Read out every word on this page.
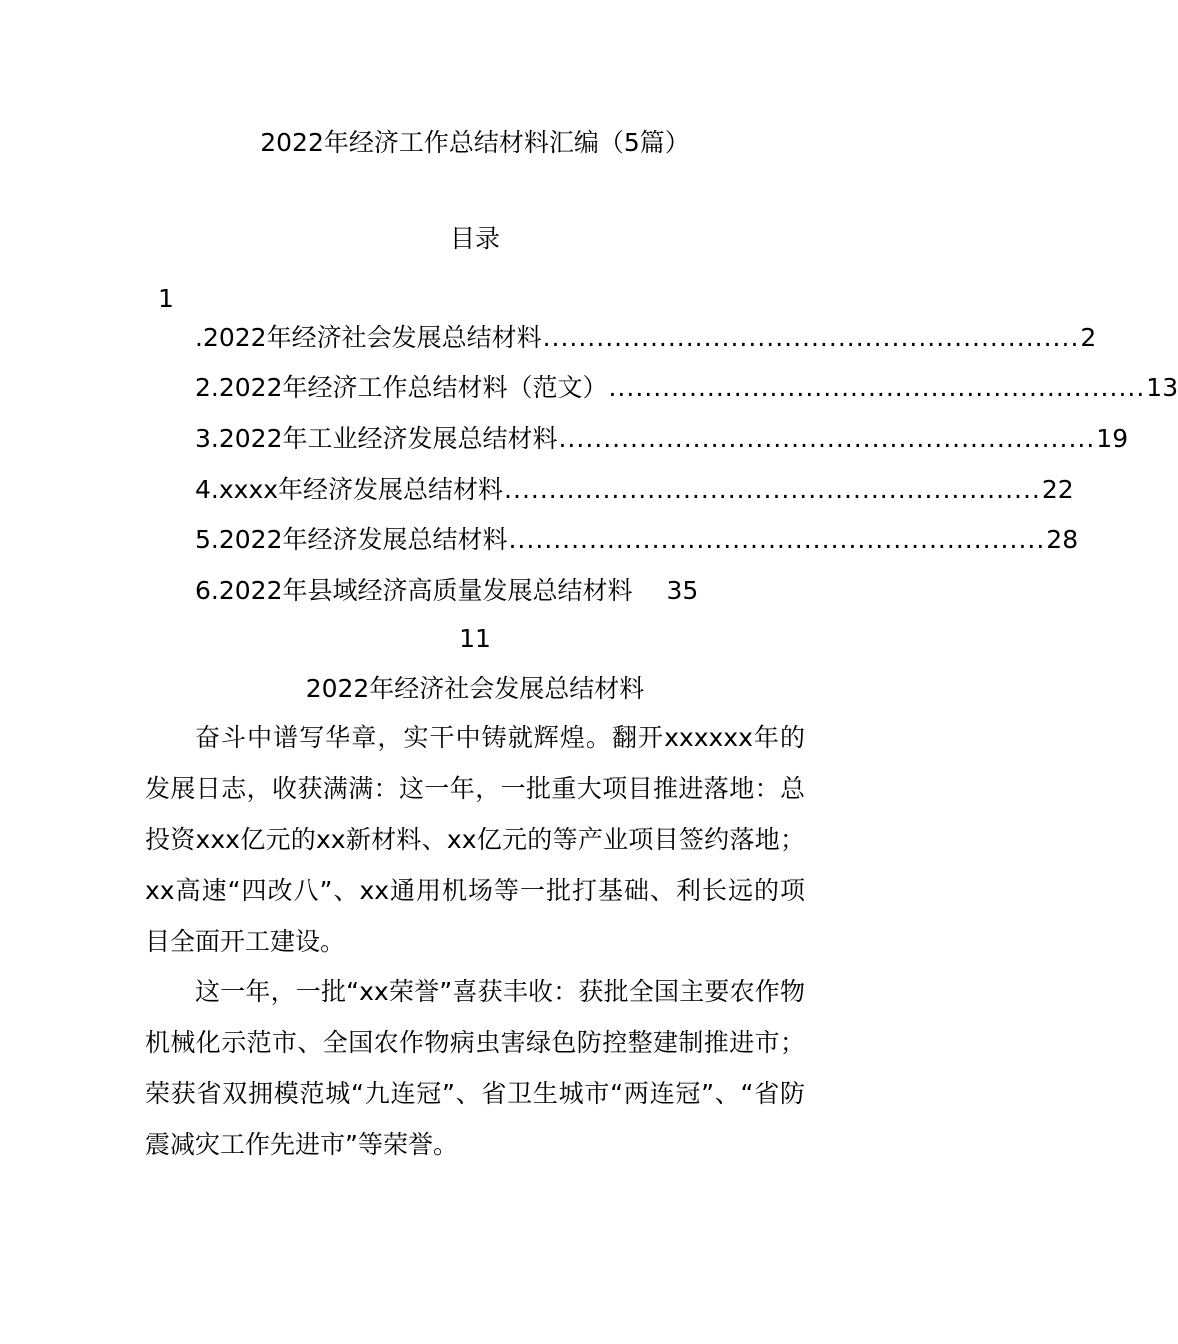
2022年经济工作总结材料汇编（5篇）
目录
1
.2022年经济社会发展总结材料 ............................................................ 2
2.2022年经济工作总结材料（范文） ............................................................ 13
3.2022年工业经济发展总结材料 ............................................................ 19
4.xxxx年经济发展总结材料 ............................................................ 22
5.2022年经济发展总结材料 ............................................................ 28
6.2022年县域经济高质量发展总结材料 35
11
2022年经济社会发展总结材料

奋斗中谱写华章，实干中铸就辉煌。翻开xxxxxx年的发展日志，收获满满：这一年，一批重大项目推进落地：总投资xxx亿元的xx新材料、xx亿元的等产业项目签约落地；xx高速“四改八”、xx通用机场等一批打基础、利长远的项目全面开工建设。

这一年，一批“xx荣誉”喜获丰收：获批全国主要农作物机械化示范市、全国农作物病虫害绿色防控整建制推进市；荣获省双拥模范城“九连冠”、省卫生城市“两连冠”、“省防震减灾工作先进市”等荣誉。
